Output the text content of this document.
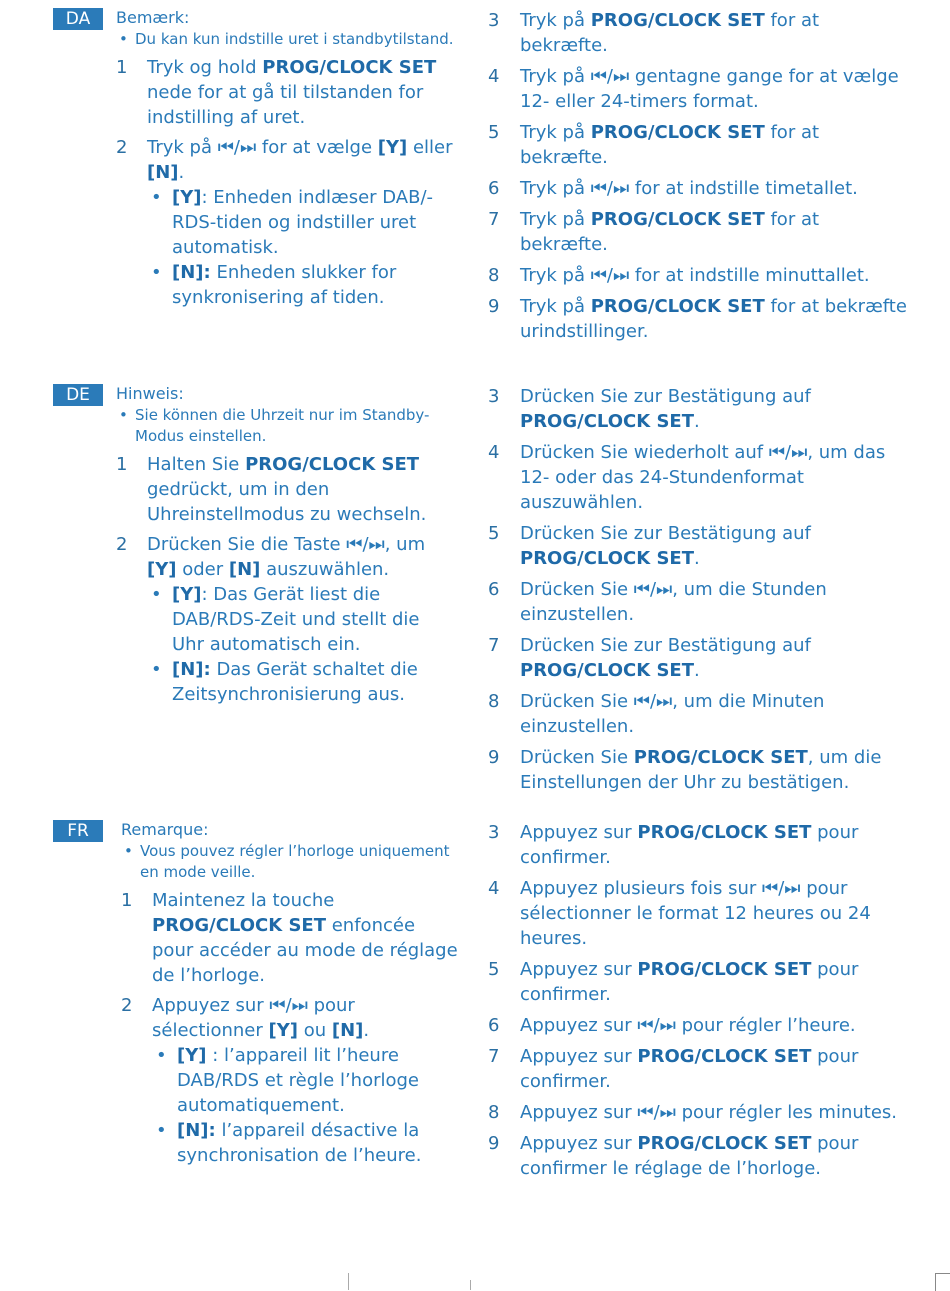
DA	Bemærk:
• Du kan kun indstille uret i standbytilstand.
1 Tryk og hold PROG/CLOCK SET nede for at gå til tilstanden for indstilling af uret.
2 Tryk på ⏮/⏭ for at vælge [Y] eller [N].
• [Y]: Enheden indlæser DAB/-RDS-tiden og indstiller uret automatisk.
• [N]: Enheden slukker for synkronisering af tiden.
3 Tryk på PROG/CLOCK SET for at bekræfte.
4 Tryk på ⏮/⏭ gentagne gange for at vælge 12- eller 24-timers format.
5 Tryk på PROG/CLOCK SET for at bekræfte.
6 Tryk på ⏮/⏭ for at indstille timetallet.
7 Tryk på PROG/CLOCK SET for at bekræfte.
8 Tryk på ⏮/⏭ for at indstille minuttallet.
9 Tryk på PROG/CLOCK SET for at bekræfte urindstillinger.
DE	Hinweis:
• Sie können die Uhrzeit nur im Standby-Modus einstellen.
1 Halten Sie PROG/CLOCK SET gedrückt, um in den Uhreinstellmodus zu wechseln.
2 Drücken Sie die Taste ⏮/⏭, um [Y] oder [N] auszuwählen.
• [Y]: Das Gerät liest die DAB/RDS-Zeit und stellt die Uhr automatisch ein.
• [N]: Das Gerät schaltet die Zeitsynchronisierung aus.
3 Drücken Sie zur Bestätigung auf PROG/CLOCK SET.
4 Drücken Sie wiederholt auf ⏮/⏭, um das 12- oder das 24-Stundenformat auszuwählen.
5 Drücken Sie zur Bestätigung auf PROG/CLOCK SET.
6 Drücken Sie ⏮/⏭, um die Stunden einzustellen.
7 Drücken Sie zur Bestätigung auf PROG/CLOCK SET.
8 Drücken Sie ⏮/⏭, um die Minuten einzustellen.
9 Drücken Sie PROG/CLOCK SET, um die Einstellungen der Uhr zu bestätigen.
FR	Remarque:
• Vous pouvez régler l’horloge uniquement en mode veille.
1 Maintenez la touche PROG/CLOCK SET enfoncée pour accéder au mode de réglage de l’horloge.
2 Appuyez sur ⏮/⏭ pour sélectionner [Y] ou [N].
• [Y] : l’appareil lit l’heure DAB/RDS et règle l’horloge automatiquement.
• [N]: l’appareil désactive la synchronisation de l’heure.
3 Appuyez sur PROG/CLOCK SET pour confirmer.
4 Appuyez plusieurs fois sur ⏮/⏭ pour sélectionner le format 12 heures ou 24 heures.
5 Appuyez sur PROG/CLOCK SET pour confirmer.
6 Appuyez sur ⏮/⏭ pour régler l’heure.
7 Appuyez sur PROG/CLOCK SET pour confirmer.
8 Appuyez sur ⏮/⏭ pour régler les minutes.
9 Appuyez sur PROG/CLOCK SET pour confirmer le réglage de l’horloge.
